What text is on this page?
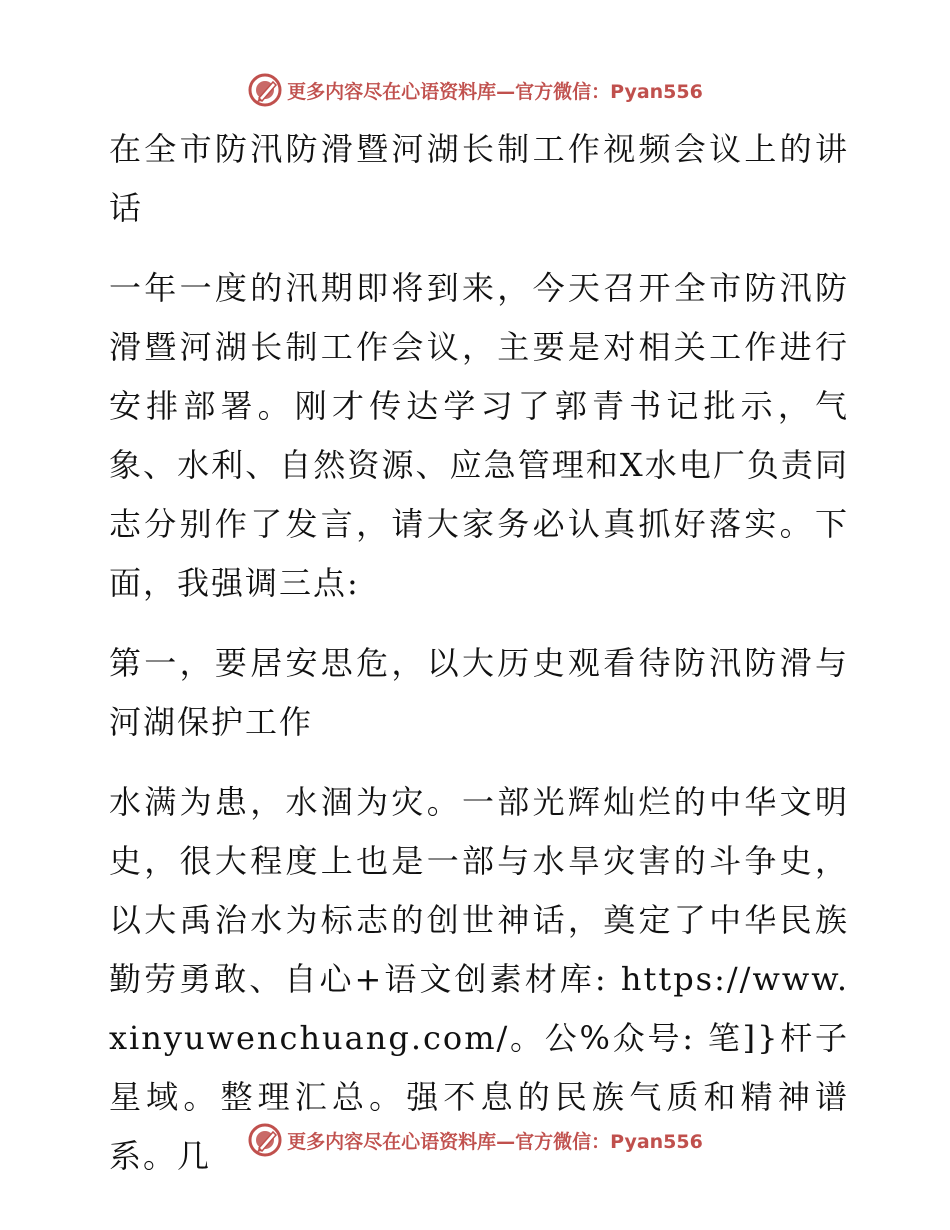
更多内容尽在心语资料库—官方微信：Pyan556

在全市防汛防滑暨河湖长制工作视频会议上的讲话

一年一度的汛期即将到来，今天召开全市防汛防滑暨河湖长制工作会议，主要是对相关工作进行安排部署。刚才传达学习了郭青书记批示，气象、水利、自然资源、应急管理和X水电厂负责同志分别作了发言，请大家务必认真抓好落实。下面，我强调三点:

第一，要居安思危，以大历史观看待防汛防滑与河湖保护工作

水满为患，水涸为灾。一部光辉灿烂的中华文明史，很大程度上也是一部与水旱灾害的斗争史，以大禹治水为标志的创世神话，奠定了中华民族勤劳勇敢、自心+语文创素材库: https://www.xinyuwenchuang.com/。公%众号: 笔]}杆子星域。整理汇总。强不息的民族气质和精神谱系。几	更多内容尽在心语资料库—官方微信：Pyan556
